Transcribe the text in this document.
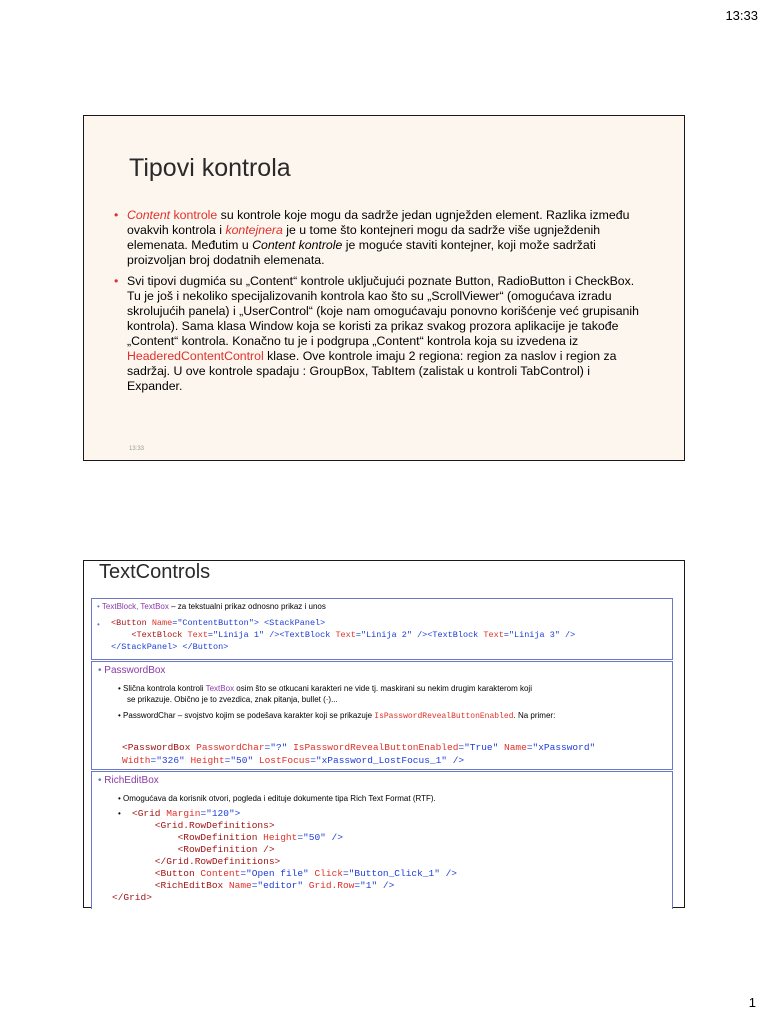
13:33
Tipovi kontrola
• Content kontrole su kontrole koje mogu da sadrže jedan ugnježden element. Razlika između ovakvih kontrola i kontejnera je u tome što kontejneri mogu da sadrže više ugnježdenih elemenata. Međutim u Content kontrole je moguće staviti kontejner, koji može sadržati proizvoljan broj dodatnih elemenata.
• Svi tipovi dugmića su „Content“ kontrole uključujući poznate Button, RadioButton i CheckBox. Tu je još i nekoliko specijalizovanih kontrola kao što su „ScrollViewer“ (omogućava izradu skrolujućih panela) i „UserControl“ (koje nam omogućavaju ponovno korišćenje već grupisanih kontrola). Sama klasa Window koja se koristi za prikaz svakog prozora aplikacije je takođe „Content“ kontrola. Konačno tu je i podgrupa „Content“ kontrola koja su izvedena iz HeaderedContentControl klase. Ove kontrole imaju 2 regiona: region za naslov i region za sadržaj. U ove kontrole spadaju : GroupBox, TabItem (zalistak u kontroli TabControl) i Expander.
13:33
TextControls
• TextBlock, TextBox – za tekstualni prikaz odnosno prikaz i unos
• <Button Name="ContentButton"> <StackPanel>
<TextBlock Text="Linija 1" /><TextBlock Text="Linija 2" /><TextBlock Text="Linija 3" />
</StackPanel> </Button>
• PasswordBox
• Slična kontrola kontroli TextBox osim što se otkucani karakteri ne vide tj. maskirani su nekim drugim karakterom koji
se prikazuje. Obično je to zvezdica, znak pitanja, bullet (·)...
• PasswordChar – svojstvo kojim se podešava karakter koji se prikazuje IsPasswordRevealButtonEnabled. Na primer:
<PasswordBox PasswordChar="?" IsPasswordRevealButtonEnabled="True" Name="xPassword"
Width="326" Height="50" LostFocus="xPassword_LostFocus_1" />
• RichEditBox
• Omogućava da korisnik otvori, pogleda i edituje dokumente tipa Rich Text Format (RTF).
• <Grid Margin="120">
<Grid.RowDefinitions>
<RowDefinition Height="50" />
<RowDefinition />
</Grid.RowDefinitions>
<Button Content="Open file" Click="Button_Click_1" />
<RichEditBox Name="editor" Grid.Row="1" />
</Grid>
1
